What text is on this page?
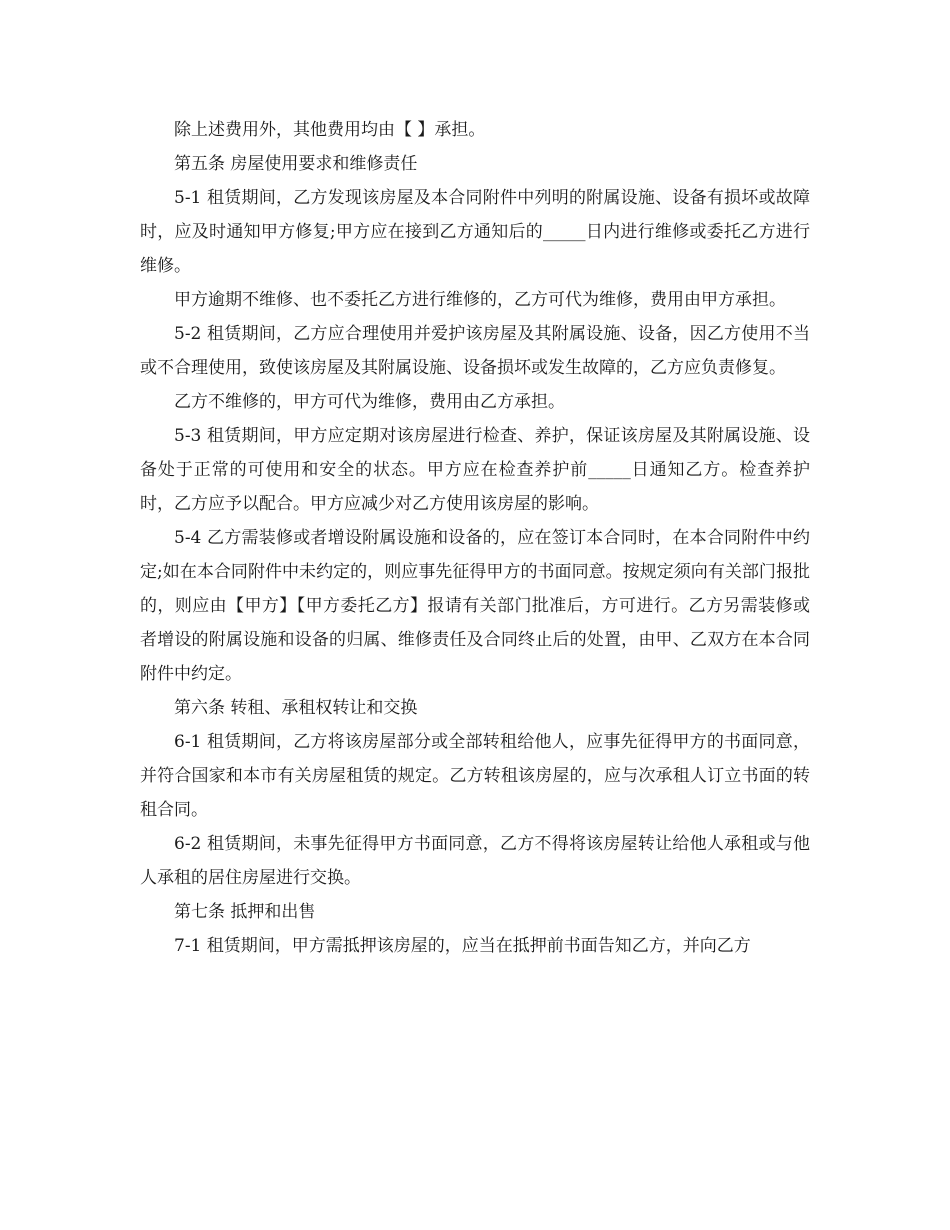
除上述费用外，其他费用均由【 】承担。

第五条 房屋使用要求和维修责任

5-1 租赁期间，乙方发现该房屋及本合同附件中列明的附属设施、设备有损坏或故障时，应及时通知甲方修复;甲方应在接到乙方通知后的_____日内进行维修或委托乙方进行维修。

甲方逾期不维修、也不委托乙方进行维修的，乙方可代为维修，费用由甲方承担。

5-2 租赁期间，乙方应合理使用并爱护该房屋及其附属设施、设备，因乙方使用不当或不合理使用，致使该房屋及其附属设施、设备损坏或发生故障的，乙方应负责修复。

乙方不维修的，甲方可代为维修，费用由乙方承担。

5-3 租赁期间，甲方应定期对该房屋进行检查、养护，保证该房屋及其附属设施、设备处于正常的可使用和安全的状态。甲方应在检查养护前_____日通知乙方。检查养护时，乙方应予以配合。甲方应减少对乙方使用该房屋的影响。

5-4 乙方需装修或者增设附属设施和设备的，应在签订本合同时，在本合同附件中约定;如在本合同附件中未约定的，则应事先征得甲方的书面同意。按规定须向有关部门报批的，则应由【甲方】【甲方委托乙方】报请有关部门批准后，方可进行。乙方另需装修或者增设的附属设施和设备的归属、维修责任及合同终止后的处置，由甲、乙双方在本合同附件中约定。

第六条 转租、承租权转让和交换

6-1 租赁期间，乙方将该房屋部分或全部转租给他人，应事先征得甲方的书面同意，并符合国家和本市有关房屋租赁的规定。乙方转租该房屋的，应与次承租人订立书面的转租合同。

6-2 租赁期间，未事先征得甲方书面同意，乙方不得将该房屋转让给他人承租或与他人承租的居住房屋进行交换。

第七条 抵押和出售

7-1 租赁期间，甲方需抵押该房屋的，应当在抵押前书面告知乙方，并向乙方
